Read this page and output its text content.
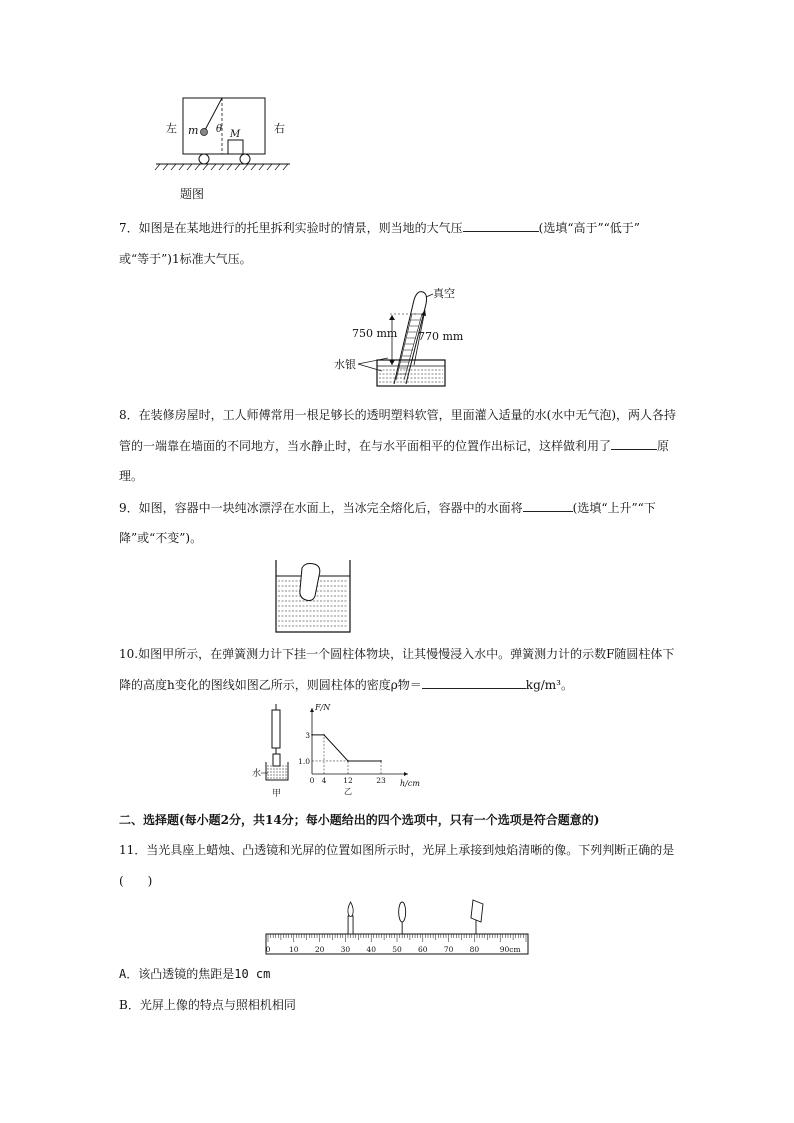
左	右
m θ M
题图
7．如图是在某地进行的托里拆利实验时的情景，则当地的大气压	(选填“高于”“低于”
或“等于”)1标准大气压。
真空
750 mm 770 mm
水银
8．在装修房屋时，工人师傅常用一根足够长的透明塑料软管，里面灌入适量的水(水中无气泡)，两人各持
管的一端靠在墙面的不同地方，当水静止时，在与水平面相平的位置作出标记，这样做利用了	原
理。
9．如图，容器中一块纯冰漂浮在水面上，当冰完全熔化后，容器中的水面将	(选填“上升”“下
降”或“不变”)。
10.如图甲所示，在弹簧测力计下挂一个圆柱体物块，让其慢慢浸入水中。弹簧测力计的示数F随圆柱体下
降的高度h变化的图线如图乙所示，则圆柱体的密度ρ物＝	kg/m³。
水
甲
F/N
h/cm
1.0
3
0 4 12	23
乙
二、选择题(每小题2分，共14分；每小题给出的四个选项中，只有一个选项是符合题意的)
11．当光具座上蜡烛、凸透镜和光屏的位置如图所示时，光屏上承接到烛焰清晰的像。下列判断正确的是
(　　)
0 10 20 30 40 50 60 70 80	90cm
A．该凸透镜的焦距是10 cm
B．光屏上像的特点与照相机相同
